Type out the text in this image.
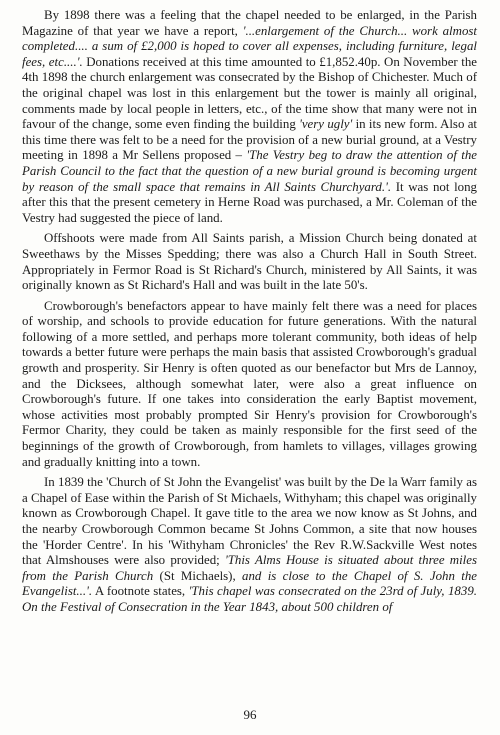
By 1898 there was a feeling that the chapel needed to be enlarged, in the Parish Magazine of that year we have a report, '...enlargement of the Church... work almost completed.... a sum of £2,000 is hoped to cover all expenses, including furniture, legal fees, etc....'. Donations received at this time amounted to £1,852.40p. On November the 4th 1898 the church enlargement was consecrated by the Bishop of Chichester. Much of the original chapel was lost in this enlargement but the tower is mainly all original, comments made by local people in letters, etc., of the time show that many were not in favour of the change, some even finding the building 'very ugly' in its new form. Also at this time there was felt to be a need for the provision of a new burial ground, at a Vestry meeting in 1898 a Mr Sellens proposed – 'The Vestry beg to draw the attention of the Parish Council to the fact that the question of a new burial ground is becoming urgent by reason of the small space that remains in All Saints Churchyard.'. It was not long after this that the present cemetery in Herne Road was purchased, a Mr. Coleman of the Vestry had suggested the piece of land.

Offshoots were made from All Saints parish, a Mission Church being donated at Sweethaws by the Misses Spedding; there was also a Church Hall in South Street. Appropriately in Fermor Road is St Richard's Church, ministered by All Saints, it was originally known as St Richard's Hall and was built in the late 50's.

Crowborough's benefactors appear to have mainly felt there was a need for places of worship, and schools to provide education for future generations. With the natural following of a more settled, and perhaps more tolerant community, both ideas of help towards a better future were perhaps the main basis that assisted Crowborough's gradual growth and prosperity. Sir Henry is often quoted as our benefactor but Mrs de Lannoy, and the Dicksees, although somewhat later, were also a great influence on Crowborough's future. If one takes into consideration the early Baptist movement, whose activities most probably prompted Sir Henry's provision for Crowborough's Fermor Charity, they could be taken as mainly responsible for the first seed of the beginnings of the growth of Crowborough, from hamlets to villages, villages growing and gradually knitting into a town.

In 1839 the 'Church of St John the Evangelist' was built by the De la Warr family as a Chapel of Ease within the Parish of St Michaels, Withyham; this chapel was originally known as Crowborough Chapel. It gave title to the area we now know as St Johns, and the nearby Crowborough Common became St Johns Common, a site that now houses the 'Horder Centre'. In his 'Withyham Chronicles' the Rev R.W.Sackville West notes that Almshouses were also provided; 'This Alms House is situated about three miles from the Parish Church (St Michaels), and is close to the Chapel of S. John the Evangelist...'. A footnote states, 'This chapel was consecrated on the 23rd of July, 1839. On the Festival of Consecration in the Year 1843, about 500 children of

96
